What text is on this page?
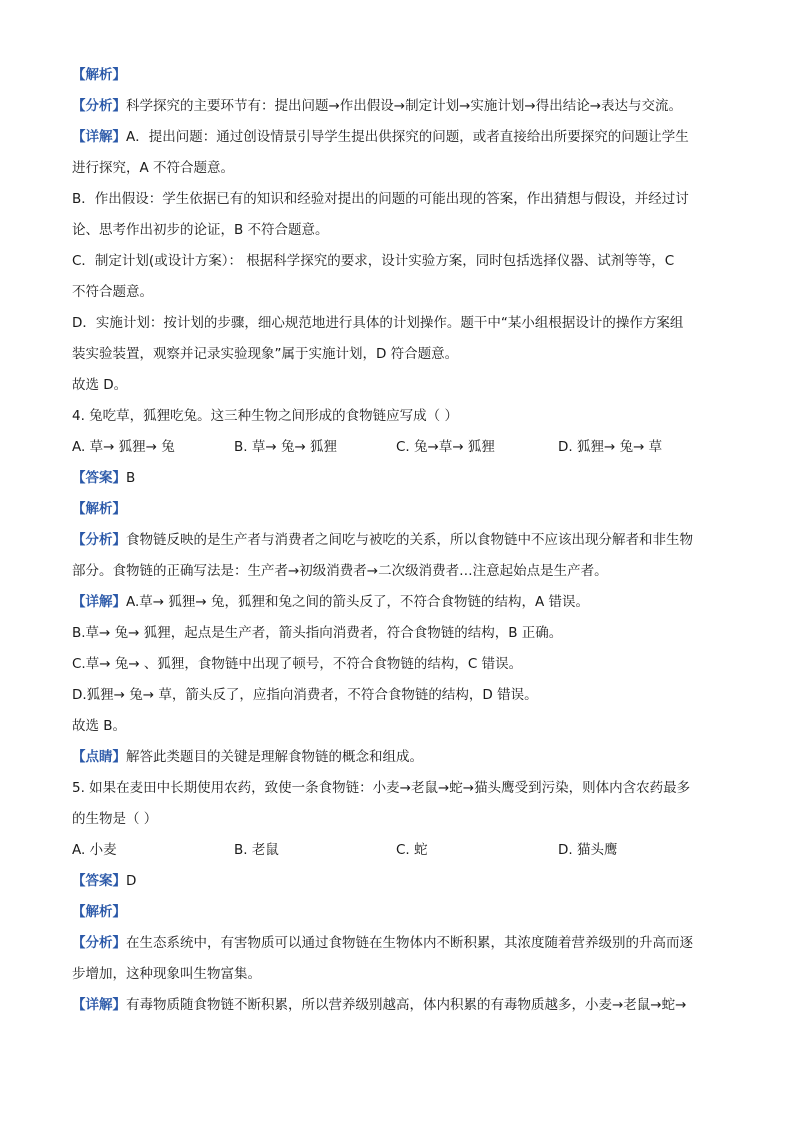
【解析】
【分析】科学探究的主要环节有：提出问题→作出假设→制定计划→实施计划→得出结论→表达与交流。
【详解】A．提出问题：通过创设情景引导学生提出供探究的问题，或者直接给出所要探究的问题让学生
进行探究，A 不符合题意。
B．作出假设：学生依据已有的知识和经验对提出的问题的可能出现的答案，作出猜想与假设，并经过讨
论、思考作出初步的论证，B 不符合题意。
C．制定计划(或设计方案）： 根据科学探究的要求，设计实验方案，同时包括选择仪器、试剂等等，C
不符合题意。
D．实施计划：按计划的步骤，细心规范地进行具体的计划操作。题干中“某小组根据设计的操作方案组
装实验装置，观察并记录实验现象”属于实施计划，D 符合题意。
故选 D。
4. 兔吃草，狐狸吃兔。这三种生物之间形成的食物链应写成（ ）
A. 草→ 狐狸→ 兔	B. 草→ 兔→ 狐狸	C. 兔→草→ 狐狸	D. 狐狸→ 兔→ 草
【答案】B
【解析】
【分析】食物链反映的是生产者与消费者之间吃与被吃的关系，所以食物链中不应该出现分解者和非生物
部分。食物链的正确写法是：生产者→初级消费者→二次级消费者…注意起始点是生产者。
【详解】A.草→ 狐狸→ 兔，狐狸和兔之间的箭头反了，不符合食物链的结构，A 错误。
B.草→ 兔→ 狐狸，起点是生产者，箭头指向消费者，符合食物链的结构，B 正确。
C.草→ 兔→ 、狐狸，食物链中出现了顿号，不符合食物链的结构，C 错误。
D.狐狸→ 兔→ 草，箭头反了，应指向消费者，不符合食物链的结构，D 错误。
故选 B。
【点睛】解答此类题目的关键是理解食物链的概念和组成。
5. 如果在麦田中长期使用农药，致使一条食物链：小麦→老鼠→蛇→猫头鹰受到污染，则体内含农药最多
的生物是（ ）
A. 小麦	B. 老鼠	C. 蛇	D. 猫头鹰
【答案】D
【解析】
【分析】在生态系统中，有害物质可以通过食物链在生物体内不断积累，其浓度随着营养级别的升高而逐
步增加，这种现象叫生物富集。
【详解】有毒物质随食物链不断积累，所以营养级别越高，体内积累的有毒物质越多，小麦→老鼠→蛇→
